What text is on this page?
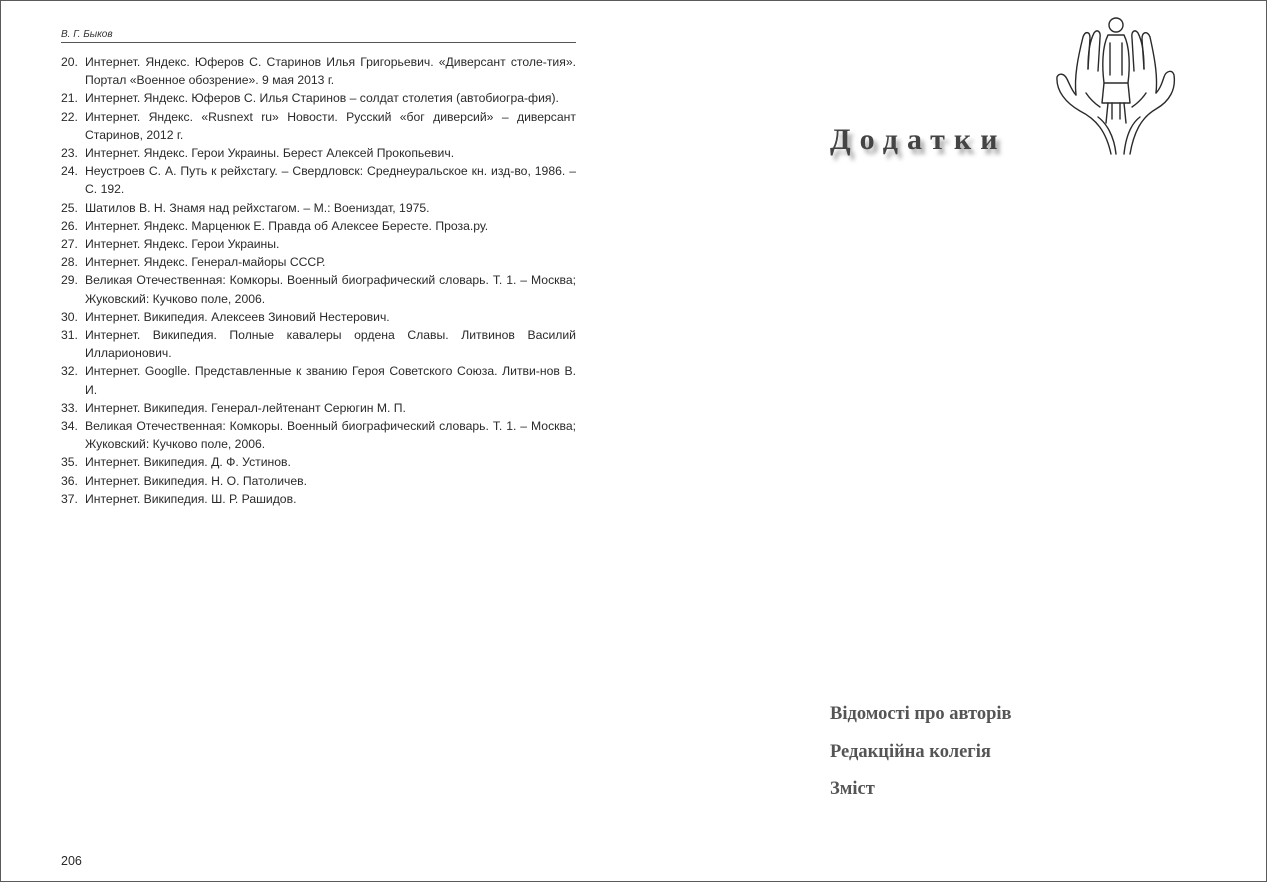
В. Г. Быков
20. Интернет. Яндекс. Юферов С. Старинов Илья Григорьевич. «Диверсант столе-тия». Портал «Военное обозрение». 9 мая 2013 г.
21. Интернет. Яндекс. Юферов С. Илья Старинов – солдат столетия (автобиогра-фия).
22. Интернет. Яндекс. «Rusnext ru» Новости. Русский «бог диверсий» – диверсант Старинов, 2012 г.
23. Интернет. Яндекс. Герои Украины. Берест Алексей Прокопьевич.
24. Неустроев С. А. Путь к рейхстагу. – Свердловск: Среднеуральское кн. изд-во, 1986. – С. 192.
25. Шатилов В. Н. Знамя над рейхстагом. – М.: Воениздат, 1975.
26. Интернет. Яндекс. Марценюк Е. Правда об Алексее Бересте. Проза.ру.
27. Интернет. Яндекс. Герои Украины.
28. Интернет. Яндекс. Генерал-майоры СССР.
29. Великая Отечественная: Комкоры. Военный биографический словарь. Т. 1. – Москва; Жуковский: Кучково поле, 2006.
30. Интернет. Википедия. Алексеев Зиновий Нестерович.
31. Интернет. Википедия. Полные кавалеры ордена Славы. Литвинов Василий Илларионович.
32. Интернет. Googlle. Представленные к званию Героя Советского Союза. Литви-нов В. И.
33. Интернет. Википедия. Генерал-лейтенант Серюгин М. П.
34. Великая Отечественная: Комкоры. Военный биографический словарь. Т. 1. – Москва; Жуковский: Кучково поле, 2006.
35. Интернет. Википедия. Д. Ф. Устинов.
36. Интернет. Википедия. Н. О. Патоличев.
37. Интернет. Википедия. Ш. Р. Рашидов.
206
Додатки
Відомості про авторів
Редакційна колегія
Зміст
